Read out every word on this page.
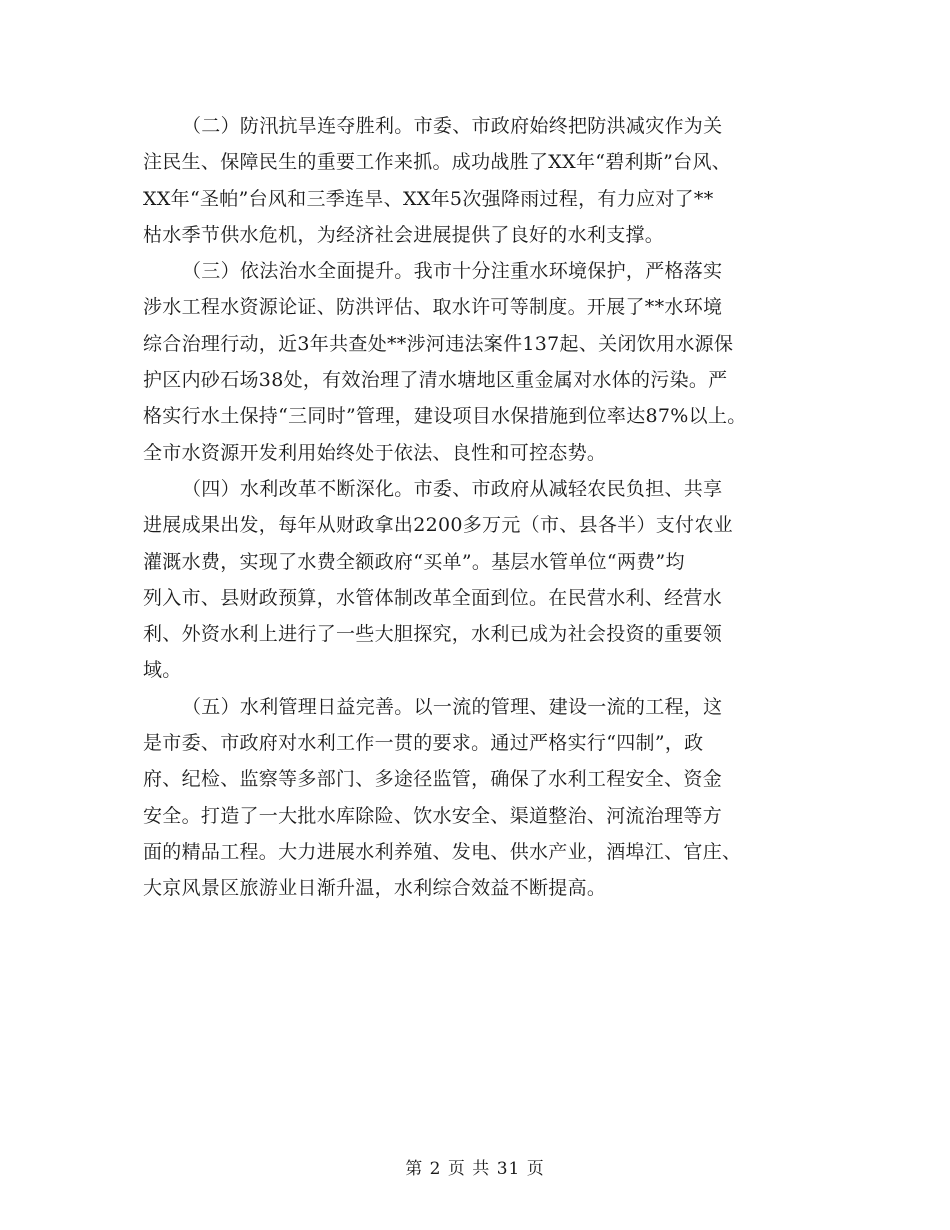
（二）防汛抗旱连夺胜利。市委、市政府始终把防洪减灾作为关
注民生、保障民生的重要工作来抓。成功战胜了XX年“碧利斯”台风、
XX年“圣帕”台风和三季连旱、XX年5次强降雨过程，有力应对了**
枯水季节供水危机，为经济社会进展提供了良好的水利支撑。
（三）依法治水全面提升。我市十分注重水环境保护，严格落实
涉水工程水资源论证、防洪评估、取水许可等制度。开展了**水环境
综合治理行动，近3年共查处**涉河违法案件137起、关闭饮用水源保
护区内砂石场38处，有效治理了清水塘地区重金属对水体的污染。严
格实行水土保持“三同时”管理，建设项目水保措施到位率达87%以上。
全市水资源开发利用始终处于依法、良性和可控态势。
（四）水利改革不断深化。市委、市政府从减轻农民负担、共享
进展成果出发，每年从财政拿出2200多万元（市、县各半）支付农业
灌溉水费，实现了水费全额政府“买单”。基层水管单位“两费”均
列入市、县财政预算，水管体制改革全面到位。在民营水利、经营水
利、外资水利上进行了一些大胆探究，水利已成为社会投资的重要领
域。
（五）水利管理日益完善。以一流的管理、建设一流的工程，这
是市委、市政府对水利工作一贯的要求。通过严格实行“四制”，政
府、纪检、监察等多部门、多途径监管，确保了水利工程安全、资金
安全。打造了一大批水库除险、饮水安全、渠道整治、河流治理等方
面的精品工程。大力进展水利养殖、发电、供水产业，酒埠江、官庄、
大京风景区旅游业日渐升温，水利综合效益不断提高。
第 2 页 共 31 页
